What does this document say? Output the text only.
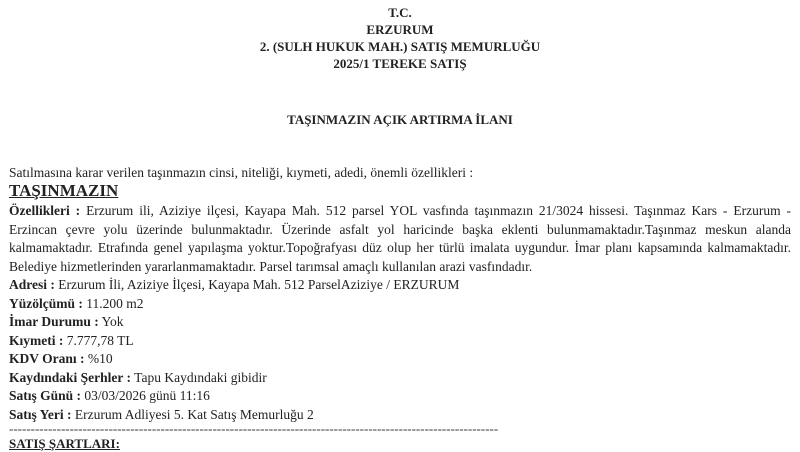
T.C.
ERZURUM
2. (SULH HUKUK MAH.) SATIŞ MEMURLUĞU
2025/1 TEREKE SATIŞ
TAŞINMAZIN AÇIK ARTIRMA İLANI
Satılmasına karar verilen taşınmazın cinsi, niteliği, kıymeti, adedi, önemli özellikleri :
TAŞINMAZIN

Özellikleri : Erzurum ili, Aziziye ilçesi, Kayapa Mah. 512 parsel YOL vasfında taşınmazın 21/3024 hissesi. Taşınmaz Kars - Erzurum - Erzincan çevre yolu üzerinde bulunmaktadır. Üzerinde asfalt yol haricinde başka eklenti bulunmamaktadır.Taşınmaz meskun alanda kalmamaktadır. Etrafında genel yapılaşma yoktur.Topoğrafyası düz olup her türlü imalata uygundur. İmar planı kapsamında kalmamaktadır. Belediye hizmetlerinden yararlanmamaktadır. Parsel tarımsal amaçlı kullanılan arazi vasfındadır.

Adresi : Erzurum İli, Aziziye İlçesi, Kayapa Mah. 512 ParselAziziye / ERZURUM

Yüzölçümü : 11.200 m2

İmar Durumu : Yok

Kıymeti : 7.777,78 TL

KDV Oranı : %10

Kaydındaki Şerhler : Tapu Kaydındaki gibidir

Satış Günü : 03/03/2026 günü 11:16

Satış Yeri : Erzurum Adliyesi 5. Kat Satış Memurluğu 2

-----------------------------------------------------------------------------------------------------------------
SATIŞ ŞARTLARI:
